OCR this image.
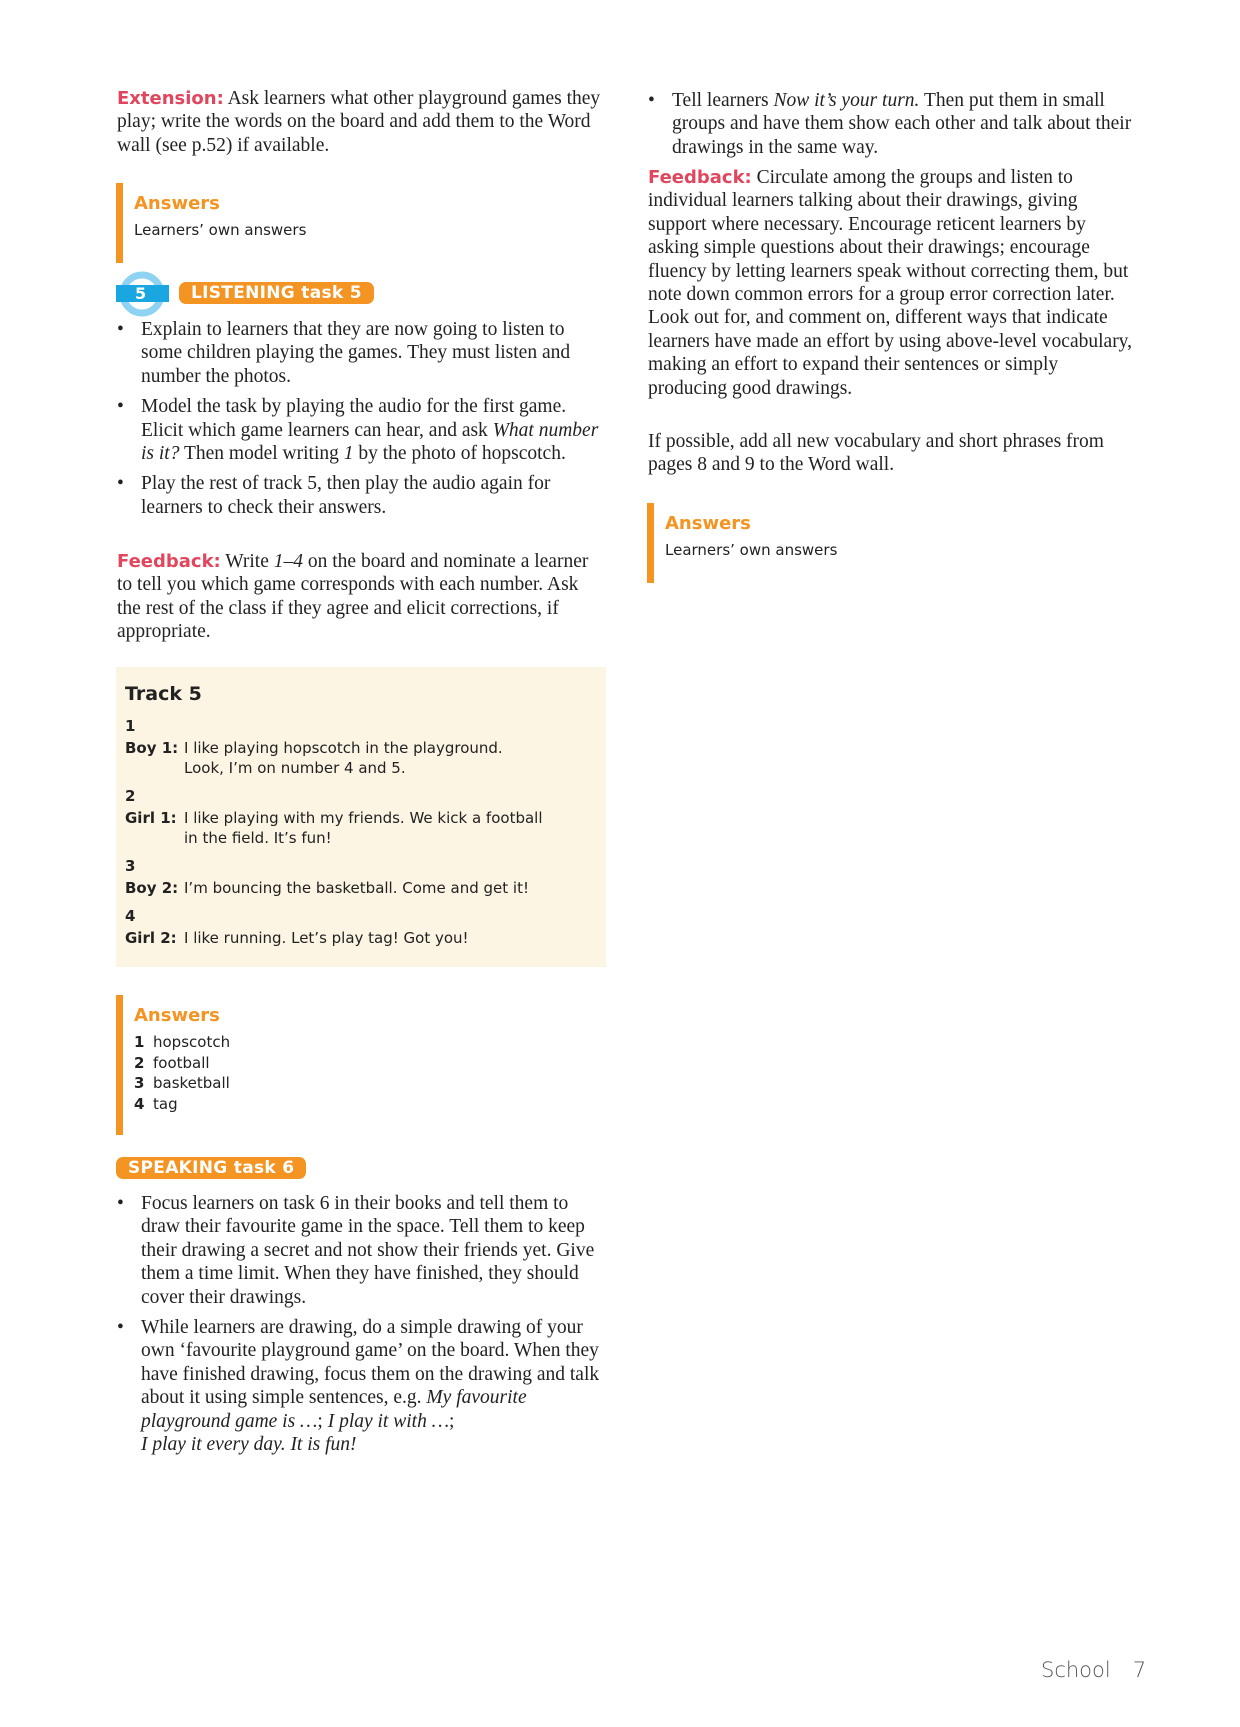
Extension: Ask learners what other playground games they play; write the words on the board and add them to the Word wall (see p.52) if available.

Answers
Learners’ own answers
5	LISTENING task 5
• Explain to learners that they are now going to listen to some children playing the games. They must listen and number the photos.
• Model the task by playing the audio for the first game. Elicit which game learners can hear, and ask What number is it? Then model writing 1 by the photo of hopscotch.
• Play the rest of track 5, then play the audio again for learners to check their answers.

Feedback: Write 1–4 on the board and nominate a learner to tell you which game corresponds with each number. Ask the rest of the class if they agree and elicit corrections, if appropriate.

Track 5
1
Boy 1: I like playing hopscotch in the playground. Look, I’m on number 4 and 5.
2
Girl 1: I like playing with my friends. We kick a football in the field. It’s fun!
3
Boy 2: I’m bouncing the basketball. Come and get it!
4
Girl 2: I like running. Let’s play tag! Got you!
Answers
1 hopscotch
2 football
3 basketball
4 tag
SPEAKING task 6
• Focus learners on task 6 in their books and tell them to draw their favourite game in the space. Tell them to keep their drawing a secret and not show their friends yet. Give them a time limit. When they have finished, they should cover their drawings.
• While learners are drawing, do a simple drawing of your own ‘favourite playground game’ on the board. When they have finished drawing, focus them on the drawing and talk about it using simple sentences, e.g. My favourite playground game is …; I play it with …;
I play it every day. It is fun!
• Tell learners Now it’s your turn. Then put them in small groups and have them show each other and talk about their drawings in the same way.

Feedback: Circulate among the groups and listen to individual learners talking about their drawings, giving support where necessary. Encourage reticent learners by asking simple questions about their drawings; encourage fluency by letting learners speak without correcting them, but note down common errors for a group error correction later. Look out for, and comment on, different ways that indicate learners have made an effort by using above-level vocabulary, making an effort to expand their sentences or simply producing good drawings.

If possible, add all new vocabulary and short phrases from pages 8 and 9 to the Word wall.

Answers
Learners’ own answers
School 7
